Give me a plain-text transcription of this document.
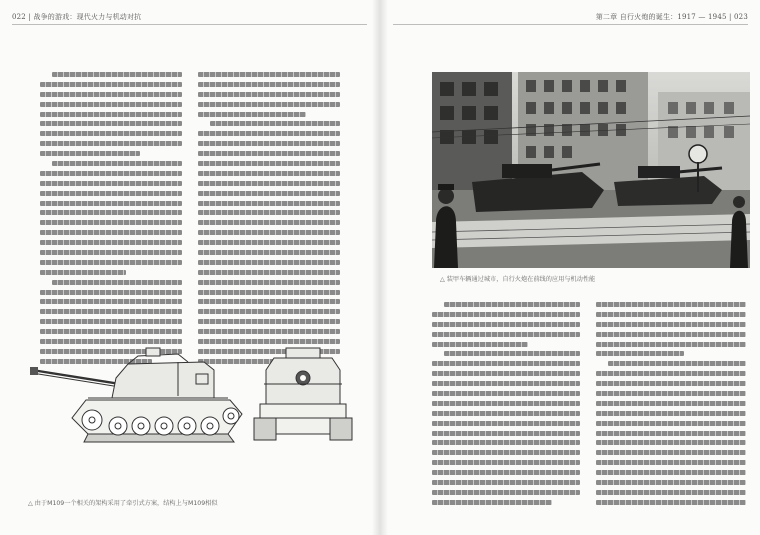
022 | 战争的游戏：现代火力与机动对抗
△ 由于M109一个相关的架构采用了牵引式方案，结构上与M109相似
第二章 自行火炮的诞生：1917 — 1945 | 023
△ 装甲车辆通过城市，自行火炮在前线的应用与机动性能
